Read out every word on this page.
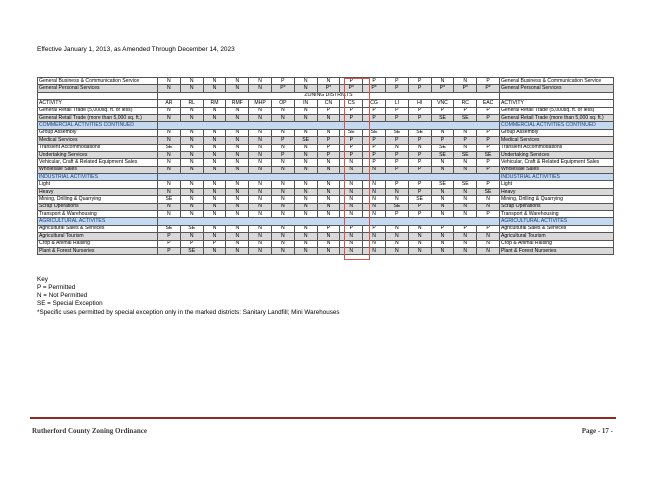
Effective January 1, 2013, as Amended Through December 14, 2023
General Business & Communication Service	N	N	N	N	N	P	N	N	P	P	P	P	N	N	P	General Business & Communication Service
General Personal Services	N	N	N	N	N	P*	N	P*	P*	P*	P	P	P*	P*	P*	General Personal Services
	ZONING DISTRICTS															
ACTIVITY	AR	RL	RM	RMF	MHP	OP	IN	CN	CS	CG	LI	HI	VNC	RC	EAC	ACTIVITY
General Retail Trade (5,000sq. ft. or less)	N	N	N	N	N	N	N	P	P	P	P	P	P	P	P	General Retail Trade (5,000sq. ft. or less)
General Retail Trade (more than 5,000 sq. ft.)	N	N	N	N	N	N	N	N	P	P	P	P	SE	SE	P	General Retail Trade (more than 5,000 sq. ft.)
COMMERCIAL ACTIVITIES CONTINUED																COMMERCIAL ACTIVITIES CONTINUED
Group Assembly	N	N	N	N	N	N	N	N	SE	SE	SE	SE	N	N	P	Group Assembly
Medical Services	N	N	N	N	N	P	SE	P	P	P	P	P	P	P	P	Medical Services
Transient Accommodations	SE	N	N	N	N	N	N	P	P	P	N	N	SE	N	P	Transient Accommodations
Undertaking Services	N	N	N	N	N	P	N	P	P	P	P	P	SE	SE	SE	Undertaking Services
Vehicular, Craft & Related Equipment Sales	N	N	N	N	N	N	N	N	N	P	P	P	N	N	P	Vehicular, Craft & Related Equipment Sales
Wholesale Sales	N	N	N	N	N	N	N	N	N	N	P	P	N	N	P	Wholesale Sales
INDUSTRIAL ACTIVITIES																INDUSTRIAL ACTIVITIES
Light	N	N	N	N	N	N	N	N	N	N	P	P	SE	SE	P	Light
Heavy	N	N	N	N	N	N	N	N	N	N	N	P	N	N	SE	Heavy
Mining, Drilling & Quarrying	SE	N	N	N	N	N	N	N	N	N	N	SE	N	N	N	Mining, Drilling & Quarrying
Scrap Operations	N	N	N	N	N	N	N	N	N	N	SE	P	N	N	N	Scrap Operations
Transport & Warehousing	N	N	N	N	N	N	N	N	N	N	P	P	N	N	P	Transport & Warehousing
AGRICULTURAL ACTIVITES																AGRICULTURAL ACTIVITES
Agricultural Sales & Services	SE	SE	N	N	N	N	N	P	P	P	N	N	P	P	P	Agricultural Sales & Services
Agricultural Tourism	P	N	N	N	N	N	N	N	N	N	N	N	N	N	N	Agricultural Tourism
Crop & Animal Raising	P	P	P	N	N	N	N	N	N	N	N	N	N	N	N	Crop & Animal Raising
Plant & Forest Nurseries	P	SE	N	N	N	N	N	N	N	N	N	N	N	N	N	Plant & Forest Nurseries
Key
P = Permitted
N = Not Permitted
SE = Special Exception
*Specific uses permitted by special exception only in the marked districts: Sanitary Landfill; Mini Warehouses
Rutherford County Zoning Ordinance	Page - 17 -
